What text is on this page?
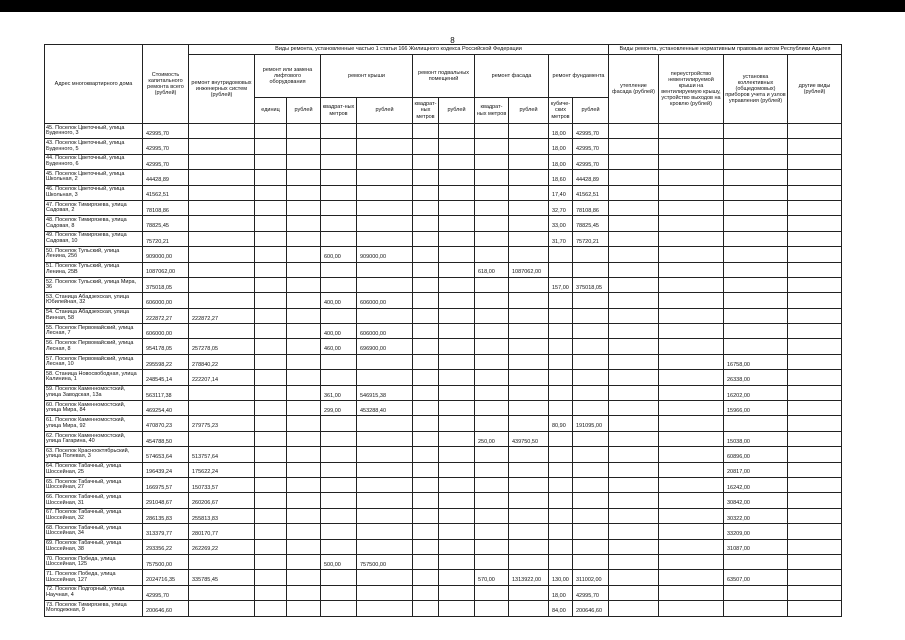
8
Адрес многоквартирного дома	Стоимость капитального ремонта всего (рублей)	Виды ремонта, установленные частью 1 статьи 166 Жилищного кодекса Российской Федерации											Виды ремонта, установленные нормативным правовым актом Республики Адыгея			
		ремонт внутридомовых инженерных систем (рублей)	ремонт или замена лифтового оборудования		ремонт крыши		ремонт подвальных помещений		ремонт фасада		ремонт фундамента		утепление фасада (рублей)	переустройство невентилируемой крыши на вентилируемую крышу, устройство выходов на кровлю (рублей)	установка коллективных (общедомовых) приборов учета и узлов управления (рублей)	другие виды (рублей)
			единиц	рублей	квадрат-ных метров	рублей	квадрат-ных метров	рублей	квадрат-ных метров	рублей	кубиче-ских метров	рублей				
45. Поселок Цветочный, улица Буденного, 3	42995,70										18,00	42995,70				
43. Поселок Цветочный, улица Буденного, 5	42995,70										18,00	42995,70				
44. Поселок Цветочный, улица Буденного, 6	42995,70										18,00	42995,70				
45. Поселок Цветочный, улица Школьная, 2	44428,89										18,60	44428,89				
46. Поселок Цветочный, улица Школьная, 3	41562,51										17,40	41562,51				
47. Поселок Тимирязева, улица Садовая, 2	78108,86										32,70	78108,86				
48. Поселок Тимирязева, улица Садовая, 8	78825,45										33,00	78825,45				
49. Поселок Тимирязева, улица Садовая, 10	75720,21										31,70	75720,21				
50. Поселок Тульский, улица Ленина, 25б	909000,00				600,00	909000,00										
51. Поселок Тульский, улица Ленина, 25В	1087062,00								618,00	1087062,00						
52. Поселок Тульский, улица Мира, 36	375018,05										157,00	375018,05				
53. Станица Абадзехская, улица Юбилейная, 32	606000,00				400,00	606000,00										
54. Станица Абадзехская, улица Винная, 58	222872,27	222872,27														
55. Поселок Первомайский, улица Лесная, 7	606000,00				400,00	606000,00										
56. Поселок Первомайский, улица Лесная, 8	954178,05	257278,05			460,00	696900,00										
57. Поселок Первомайский, улица Лесная, 10	295598,22	278840,22													16758,00	
58. Станица Новосвободная, улица Калинина, 1	248545,14	222207,14													26338,00	
59. Поселок Каменномостский, улица Заводская, 13а	563117,38				361,00	546915,38									16202,00	
60. Поселок Каменномостский, улица Мира, 84	469254,40				299,00	453288,40									15966,00	
61. Поселок Каменномостский, улица Мира, 92	470870,23	279775,23									80,90	191095,00				
62. Поселок Каменномостский, улица Гагарина, 40	454788,50								250,00	439750,50					15038,00	
63. Поселок Краснооктябрьский, улица Полевая, 3	574653,64	513757,64													60896,00	
64. Поселок Табачный, улица Шоссейная, 25	196439,24	175622,24													20817,00	
65. Поселок Табачный, улица Шоссейная, 27	166975,57	150733,57													16242,00	
66. Поселок Табачный, улица Шоссейная, 31	291048,67	260206,67													30842,00	
67. Поселок Табачный, улица Шоссейная, 32	286135,83	255813,83													30322,00	
68. Поселок Табачный, улица Шоссейная, 34	313379,77	280170,77													33209,00	
69. Поселок Табачный, улица Шоссейная, 38	293356,22	262269,22													31087,00	
70. Поселок Победа, улица Шоссейная, 125	757500,00				500,00	757500,00										
71. Поселок Победа, улица Шоссейная, 127	2024716,35	335785,45							570,00	1313922,00	130,00	311002,00			63507,00	
72. Поселок Подгорный, улица Научная, 4	42995,70										18,00	42995,70				
73. Поселок Тимирязева, улица Молодежная, 9	200646,60										84,00	200646,60				
